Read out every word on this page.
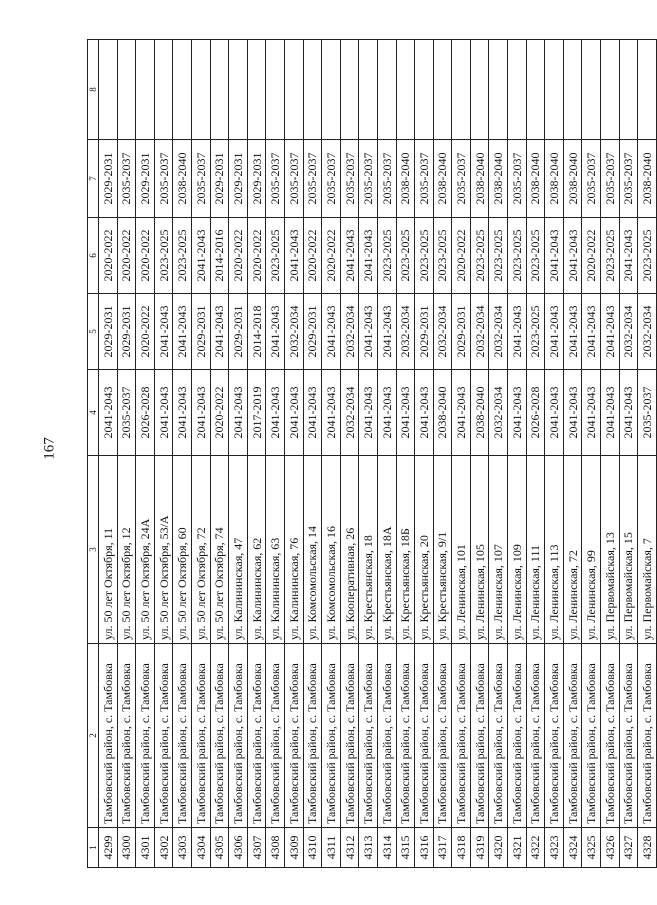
167
1	2	3	4	5	6	7	8
4299	Тамбовский район, с. Тамбовка	ул. 50 лет Октября, 11	2041-2043	2029-2031	2020-2022	2029-2031	
4300	Тамбовский район, с. Тамбовка	ул. 50 лет Октября, 12	2035-2037	2029-2031	2020-2022	2035-2037	
4301	Тамбовский район, с. Тамбовка	ул. 50 лет Октября, 24А	2026-2028	2020-2022	2020-2022	2029-2031	
4302	Тамбовский район, с. Тамбовка	ул. 50 лет Октября, 53/А	2041-2043	2041-2043	2023-2025	2035-2037	
4303	Тамбовский район, с. Тамбовка	ул. 50 лет Октября, 60	2041-2043	2041-2043	2023-2025	2038-2040	
4304	Тамбовский район, с. Тамбовка	ул. 50 лет Октября, 72	2041-2043	2029-2031	2041-2043	2035-2037	
4305	Тамбовский район, с. Тамбовка	ул. 50 лет Октября, 74	2020-2022	2041-2043	2014-2016	2029-2031	
4306	Тамбовский район, с. Тамбовка	ул. Калининская, 47	2041-2043	2029-2031	2020-2022	2029-2031	
4307	Тамбовский район, с. Тамбовка	ул. Калининская, 62	2017-2019	2014-2018	2020-2022	2029-2031	
4308	Тамбовский район, с. Тамбовка	ул. Калининская, 63	2041-2043	2041-2043	2023-2025	2035-2037	
4309	Тамбовский район, с. Тамбовка	ул. Калининская, 76	2041-2043	2032-2034	2041-2043	2035-2037	
4310	Тамбовский район, с. Тамбовка	ул. Комсомольская, 14	2041-2043	2029-2031	2020-2022	2035-2037	
4311	Тамбовский район, с. Тамбовка	ул. Комсомольская, 16	2041-2043	2041-2043	2020-2022	2035-2037	
4312	Тамбовский район, с. Тамбовка	ул. Кооперативная, 26	2032-2034	2032-2034	2041-2043	2035-2037	
4313	Тамбовский район, с. Тамбовка	ул. Крестьянская, 18	2041-2043	2041-2043	2041-2043	2035-2037	
4314	Тамбовский район, с. Тамбовка	ул. Крестьянская, 18А	2041-2043	2041-2043	2023-2025	2035-2037	
4315	Тамбовский район, с. Тамбовка	ул. Крестьянская, 18Б	2041-2043	2032-2034	2023-2025	2038-2040	
4316	Тамбовский район, с. Тамбовка	ул. Крестьянская, 20	2041-2043	2029-2031	2023-2025	2035-2037	
4317	Тамбовский район, с. Тамбовка	ул. Крестьянская, 9/1	2038-2040	2032-2034	2023-2025	2038-2040	
4318	Тамбовский район, с. Тамбовка	ул. Ленинская, 101	2041-2043	2029-2031	2020-2022	2035-2037	
4319	Тамбовский район, с. Тамбовка	ул. Ленинская, 105	2038-2040	2032-2034	2023-2025	2038-2040	
4320	Тамбовский район, с. Тамбовка	ул. Ленинская, 107	2032-2034	2032-2034	2023-2025	2038-2040	
4321	Тамбовский район, с. Тамбовка	ул. Ленинская, 109	2041-2043	2041-2043	2023-2025	2035-2037	
4322	Тамбовский район, с. Тамбовка	ул. Ленинская, 111	2026-2028	2023-2025	2023-2025	2038-2040	
4323	Тамбовский район, с. Тамбовка	ул. Ленинская, 113	2041-2043	2041-2043	2041-2043	2038-2040	
4324	Тамбовский район, с. Тамбовка	ул. Ленинская, 72	2041-2043	2041-2043	2041-2043	2038-2040	
4325	Тамбовский район, с. Тамбовка	ул. Ленинская, 99	2041-2043	2041-2043	2020-2022	2035-2037	
4326	Тамбовский район, с. Тамбовка	ул. Первомайская, 13	2041-2043	2041-2043	2023-2025	2035-2037	
4327	Тамбовский район, с. Тамбовка	ул. Первомайская, 15	2041-2043	2032-2034	2041-2043	2035-2037	
4328	Тамбовский район, с. Тамбовка	ул. Первомайская, 7	2035-2037	2032-2034	2023-2025	2038-2040	
